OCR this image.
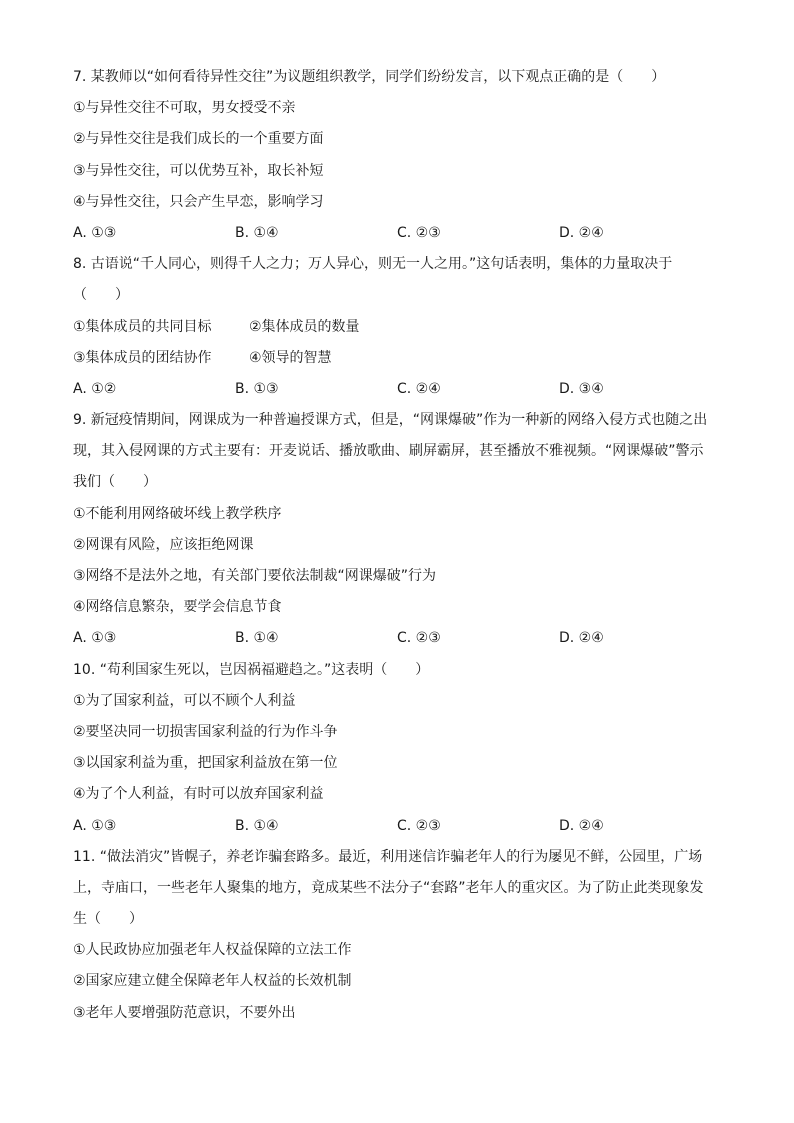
7. 某教师以“如何看待异性交往”为议题组织教学，同学们纷纷发言，以下观点正确的是（　　）
①与异性交往不可取，男女授受不亲
②与异性交往是我们成长的一个重要方面
③与异性交往，可以优势互补，取长补短
④与异性交往，只会产生早恋，影响学习
A. ①③	B. ①④	C. ②③	D. ②④
8. 古语说“千人同心，则得千人之力；万人异心，则无一人之用。”这句话表明，集体的力量取决于
（　　）
①集体成员的共同目标	②集体成员的数量
③集体成员的团结协作	④领导的智慧
A. ①②	B. ①③	C. ②④	D. ③④
9. 新冠疫情期间，网课成为一种普遍授课方式，但是，“网课爆破”作为一种新的网络入侵方式也随之出
现，其入侵网课的方式主要有：开麦说话、播放歌曲、刷屏霸屏，甚至播放不雅视频。“网课爆破”警示
我们（　　）
①不能利用网络破坏线上教学秩序
②网课有风险，应该拒绝网课
③网络不是法外之地，有关部门要依法制裁“网课爆破”行为
④网络信息繁杂，要学会信息节食
A. ①③	B. ①④	C. ②③	D. ②④
10. “苟利国家生死以，岂因祸福避趋之。”这表明（　　）
①为了国家利益，可以不顾个人利益
②要坚决同一切损害国家利益的行为作斗争
③以国家利益为重，把国家利益放在第一位
④为了个人利益，有时可以放弃国家利益
A. ①③	B. ①④	C. ②③	D. ②④
11. “做法消灾”皆幌子，养老诈骗套路多。最近，利用迷信诈骗老年人的行为屡见不鲜，公园里，广场
上，寺庙口，一些老年人聚集的地方，竟成某些不法分子“套路”老年人的重灾区。为了防止此类现象发
生（　　）
①人民政协应加强老年人权益保障的立法工作
②国家应建立健全保障老年人权益的长效机制
③老年人要增强防范意识，不要外出
